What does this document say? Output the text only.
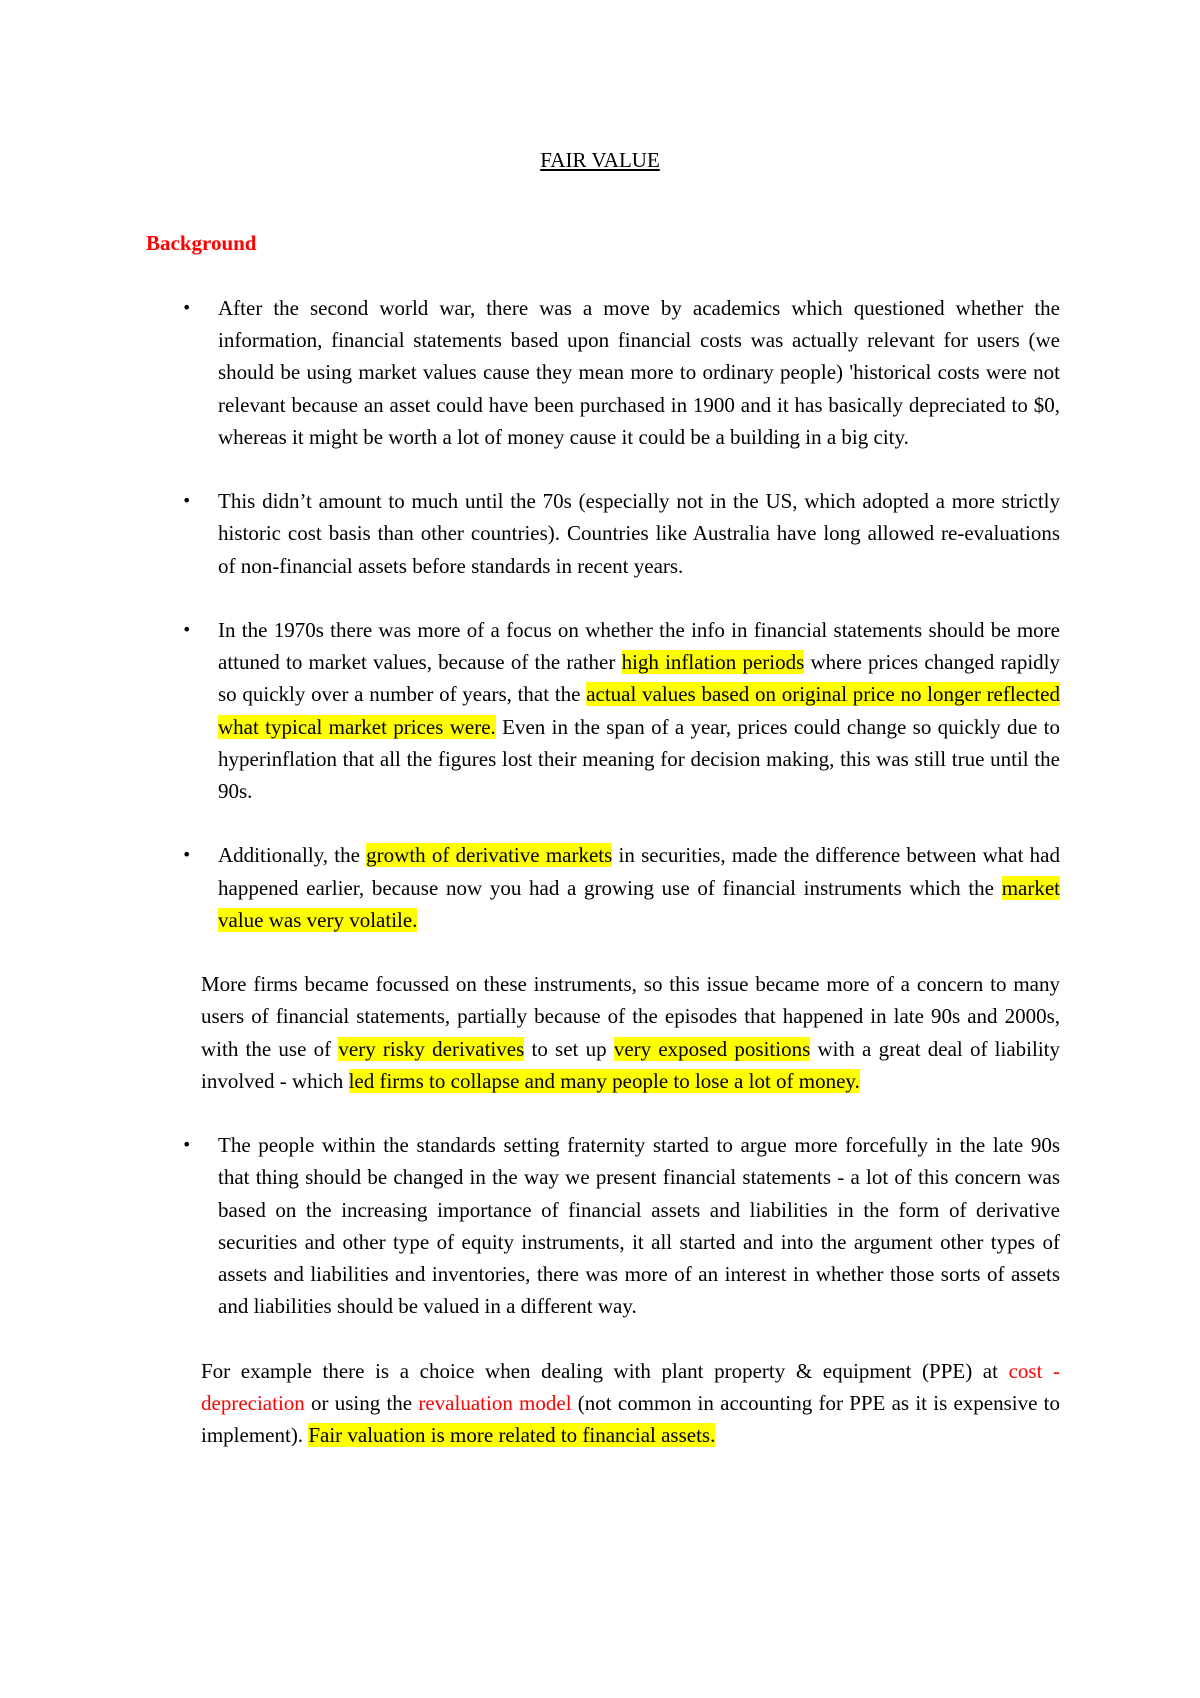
FAIR VALUE
Background

• After the second world war, there was a move by academics which questioned whether the information, financial statements based upon financial costs was actually relevant for users (we should be using market values cause they mean more to ordinary people) 'historical costs were not relevant because an asset could have been purchased in 1900 and it has basically depreciated to $0, whereas it might be worth a lot of money cause it could be a building in a big city.

• This didn’t amount to much until the 70s (especially not in the US, which adopted a more strictly historic cost basis than other countries). Countries like Australia have long allowed re-evaluations of non-financial assets before standards in recent years.

• In the 1970s there was more of a focus on whether the info in financial statements should be more attuned to market values, because of the rather high inflation periods where prices changed rapidly so quickly over a number of years, that the actual values based on original price no longer reflected what typical market prices were. Even in the span of a year, prices could change so quickly due to hyperinflation that all the figures lost their meaning for decision making, this was still true until the 90s.

• Additionally, the growth of derivative markets in securities, made the difference between what had happened earlier, because now you had a growing use of financial instruments which the market value was very volatile.

More firms became focussed on these instruments, so this issue became more of a concern to many users of financial statements, partially because of the episodes that happened in late 90s and 2000s, with the use of very risky derivatives to set up very exposed positions with a great deal of liability involved - which led firms to collapse and many people to lose a lot of money.

• The people within the standards setting fraternity started to argue more forcefully in the late 90s that thing should be changed in the way we present financial statements - a lot of this concern was based on the increasing importance of financial assets and liabilities in the form of derivative securities and other type of equity instruments, it all started and into the argument other types of assets and liabilities and inventories, there was more of an interest in whether those sorts of assets and liabilities should be valued in a different way.

For example there is a choice when dealing with plant property & equipment (PPE) at cost - depreciation or using the revaluation model (not common in accounting for PPE as it is expensive to implement). Fair valuation is more related to financial assets.
